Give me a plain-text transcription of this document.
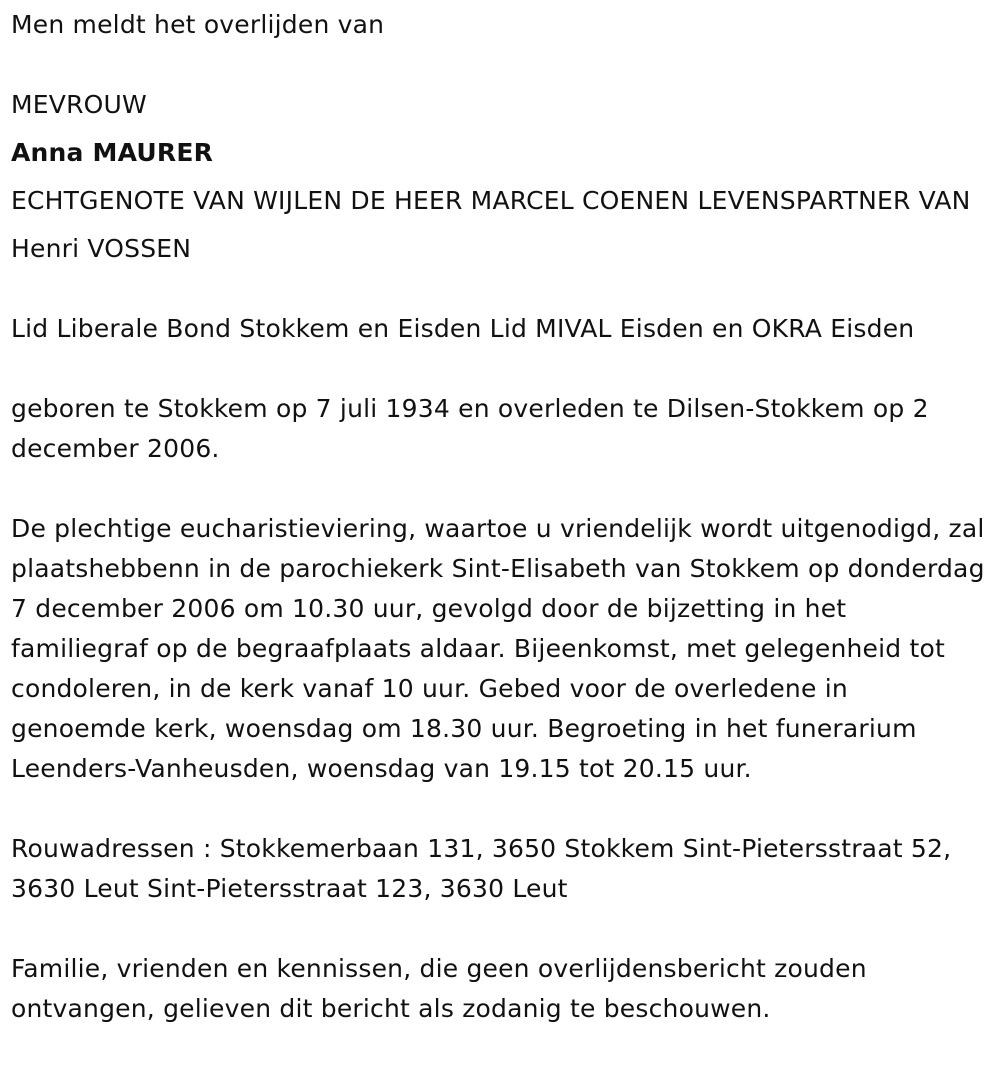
Men meldt het overlijden van

MEVROUW

Anna MAURER

ECHTGENOTE VAN WIJLEN DE HEER MARCEL COENEN LEVENSPARTNER VAN

Henri VOSSEN

Lid Liberale Bond Stokkem en Eisden Lid MIVAL Eisden en OKRA Eisden

geboren te Stokkem op 7 juli 1934 en overleden te Dilsen-Stokkem op 2 december 2006.

De plechtige eucharistieviering, waartoe u vriendelijk wordt uitgenodigd, zal plaatshebbenn in de parochiekerk Sint-Elisabeth van Stokkem op donderdag 7 december 2006 om 10.30 uur, gevolgd door de bijzetting in het familiegraf op de begraafplaats aldaar. Bijeenkomst, met gelegenheid tot condoleren, in de kerk vanaf 10 uur. Gebed voor de overledene in genoemde kerk, woensdag om 18.30 uur. Begroeting in het funerarium Leenders-Vanheusden, woensdag van 19.15 tot 20.15 uur.

Rouwadressen : Stokkemerbaan 131, 3650 Stokkem Sint-Pietersstraat 52, 3630 Leut Sint-Pietersstraat 123, 3630 Leut

Familie, vrienden en kennissen, die geen overlijdensbericht zouden ontvangen, gelieven dit bericht als zodanig te beschouwen.
